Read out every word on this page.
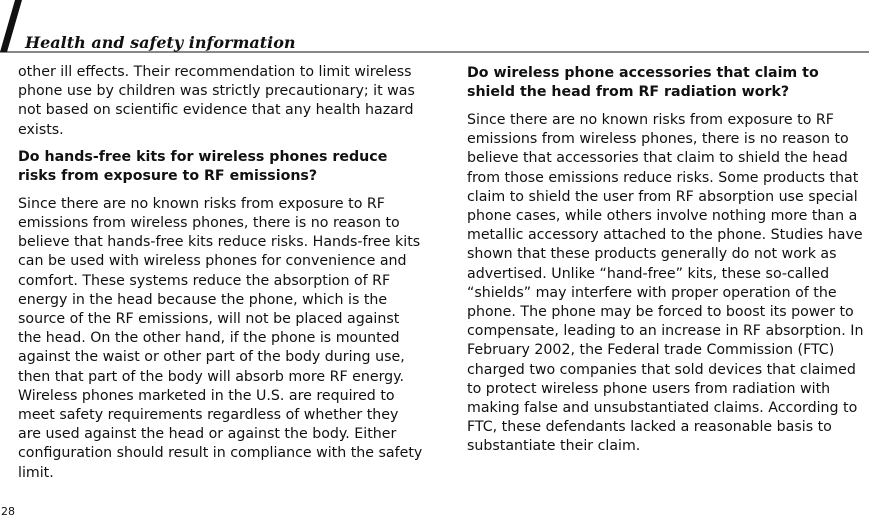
Health and safety information

other ill effects. Their recommendation to limit wireless phone use by children was strictly precautionary; it was not based on scientific evidence that any health hazard exists.

Do hands-free kits for wireless phones reduce risks from exposure to RF emissions?

Since there are no known risks from exposure to RF emissions from wireless phones, there is no reason to believe that hands-free kits reduce risks. Hands-free kits can be used with wireless phones for convenience and comfort. These systems reduce the absorption of RF energy in the head because the phone, which is the source of the RF emissions, will not be placed against the head. On the other hand, if the phone is mounted against the waist or other part of the body during use, then that part of the body will absorb more RF energy. Wireless phones marketed in the U.S. are required to meet safety requirements regardless of whether they are used against the head or against the body. Either configuration should result in compliance with the safety limit.

Do wireless phone accessories that claim to shield the head from RF radiation work?

Since there are no known risks from exposure to RF emissions from wireless phones, there is no reason to believe that accessories that claim to shield the head from those emissions reduce risks. Some products that claim to shield the user from RF absorption use special phone cases, while others involve nothing more than a metallic accessory attached to the phone. Studies have shown that these products generally do not work as advertised. Unlike “hand-free” kits, these so-called “shields” may interfere with proper operation of the phone. The phone may be forced to boost its power to compensate, leading to an increase in RF absorption. In February 2002, the Federal trade Commission (FTC) charged two companies that sold devices that claimed to protect wireless phone users from radiation with making false and unsubstantiated claims. According to FTC, these defendants lacked a reasonable basis to substantiate their claim.

28
